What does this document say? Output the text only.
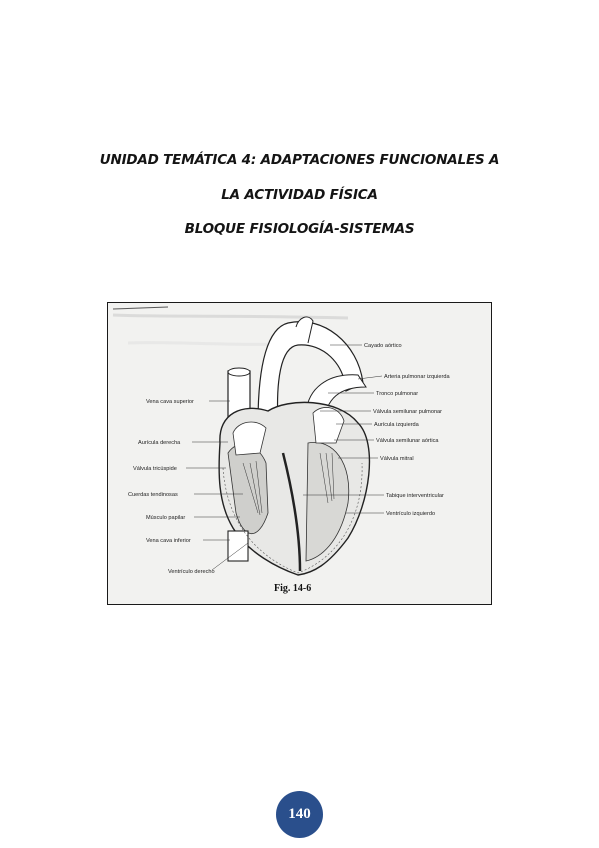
UNIDAD TEMÁTICA 4: ADAPTACIONES FUNCIONALES A
LA ACTIVIDAD FÍSICA
BLOQUE FISIOLOGÍA-SISTEMAS
Vena cava superior
Aurícula derecha
Válvula tricúspide
Cuerdas tendinosas
Músculo papilar
Vena cava inferior
Ventrículo derecho
Cayado aórtico
Arteria pulmonar izquierda
Tronco pulmonar
Válvula semilunar pulmonar
Aurícula izquierda
Válvula semilunar aórtica
Válvula mitral
Tabique interventricular
Ventrículo izquierdo
Fig. 14-6
140
